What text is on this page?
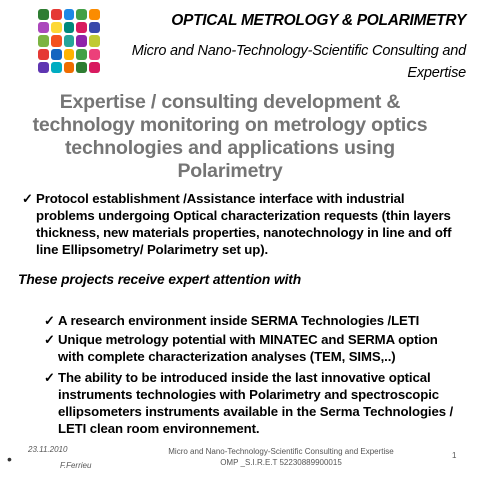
OPTICAL METROLOGY & POLARIMETRY
Micro and Nano-Technology-Scientific Consulting and Expertise
Expertise / consulting development & technology monitoring on metrology optics technologies and applications using Polarimetry
✓ Protocol establishment /Assistance interface with industrial problems undergoing Optical characterization requests (thin layers thickness, new materials properties, nanotechnology in line and off line Ellipsometry/ Polarimetry set up).
These projects receive expert attention with
✓ A research environment inside SERMA Technologies /LETI
✓ Unique metrology potential with MINATEC and SERMA option with complete characterization analyses (TEM, SIMS,..)
✓ The ability to be introduced inside the last innovative optical instruments technologies with Polarimetry and spectroscopic ellipsometers instruments available in the Serma Technologies / LETI clean room environnement.
•
23.11.2010
F.Ferrieu
Micro and Nano-Technology-Scientific Consulting and Expertise OMP _S.I.R.E.T 52230889900015
1
